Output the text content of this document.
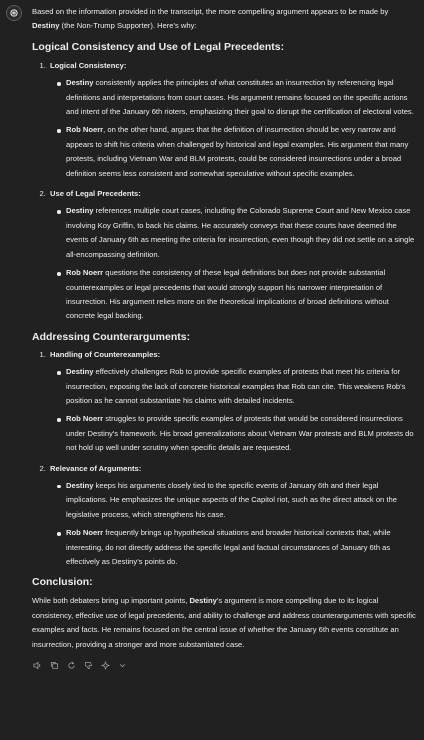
Based on the information provided in the transcript, the more compelling argument appears to be made by Destiny (the Non-Trump Supporter). Here's why:

Logical Consistency and Use of Legal Precedents:
1. Logical Consistency:
Destiny consistently applies the principles of what constitutes an insurrection by referencing legal definitions and interpretations from court cases. His argument remains focused on the specific actions and intent of the January 6th rioters, emphasizing their goal to disrupt the certification of electoral votes.
Rob Noerr, on the other hand, argues that the definition of insurrection should be very narrow and appears to shift his criteria when challenged by historical and legal examples. His argument that many protests, including Vietnam War and BLM protests, could be considered insurrections under a broad definition seems less consistent and somewhat speculative without specific examples.
2. Use of Legal Precedents:
Destiny references multiple court cases, including the Colorado Supreme Court and New Mexico case involving Koy Griffin, to back his claims. He accurately conveys that these courts have deemed the events of January 6th as meeting the criteria for insurrection, even though they did not settle on a single all-encompassing definition.
Rob Noerr questions the consistency of these legal definitions but does not provide substantial counterexamples or legal precedents that would strongly support his narrower interpretation of insurrection. His argument relies more on the theoretical implications of broad definitions without concrete legal backing.
Addressing Counterarguments:
1. Handling of Counterexamples:
Destiny effectively challenges Rob to provide specific examples of protests that meet his criteria for insurrection, exposing the lack of concrete historical examples that Rob can cite. This weakens Rob's position as he cannot substantiate his claims with detailed incidents.
Rob Noerr struggles to provide specific examples of protests that would be considered insurrections under Destiny's framework. His broad generalizations about Vietnam War protests and BLM protests do not hold up well under scrutiny when specific details are requested.
2. Relevance of Arguments:
Destiny keeps his arguments closely tied to the specific events of January 6th and their legal implications. He emphasizes the unique aspects of the Capitol riot, such as the direct attack on the legislative process, which strengthens his case.
Rob Noerr frequently brings up hypothetical situations and broader historical contexts that, while interesting, do not directly address the specific legal and factual circumstances of January 6th as effectively as Destiny's points do.
Conclusion:

While both debaters bring up important points, Destiny's argument is more compelling due to its logical consistency, effective use of legal precedents, and ability to challenge and address counterarguments with specific examples and facts. He remains focused on the central issue of whether the January 6th events constitute an insurrection, providing a stronger and more substantiated case.
